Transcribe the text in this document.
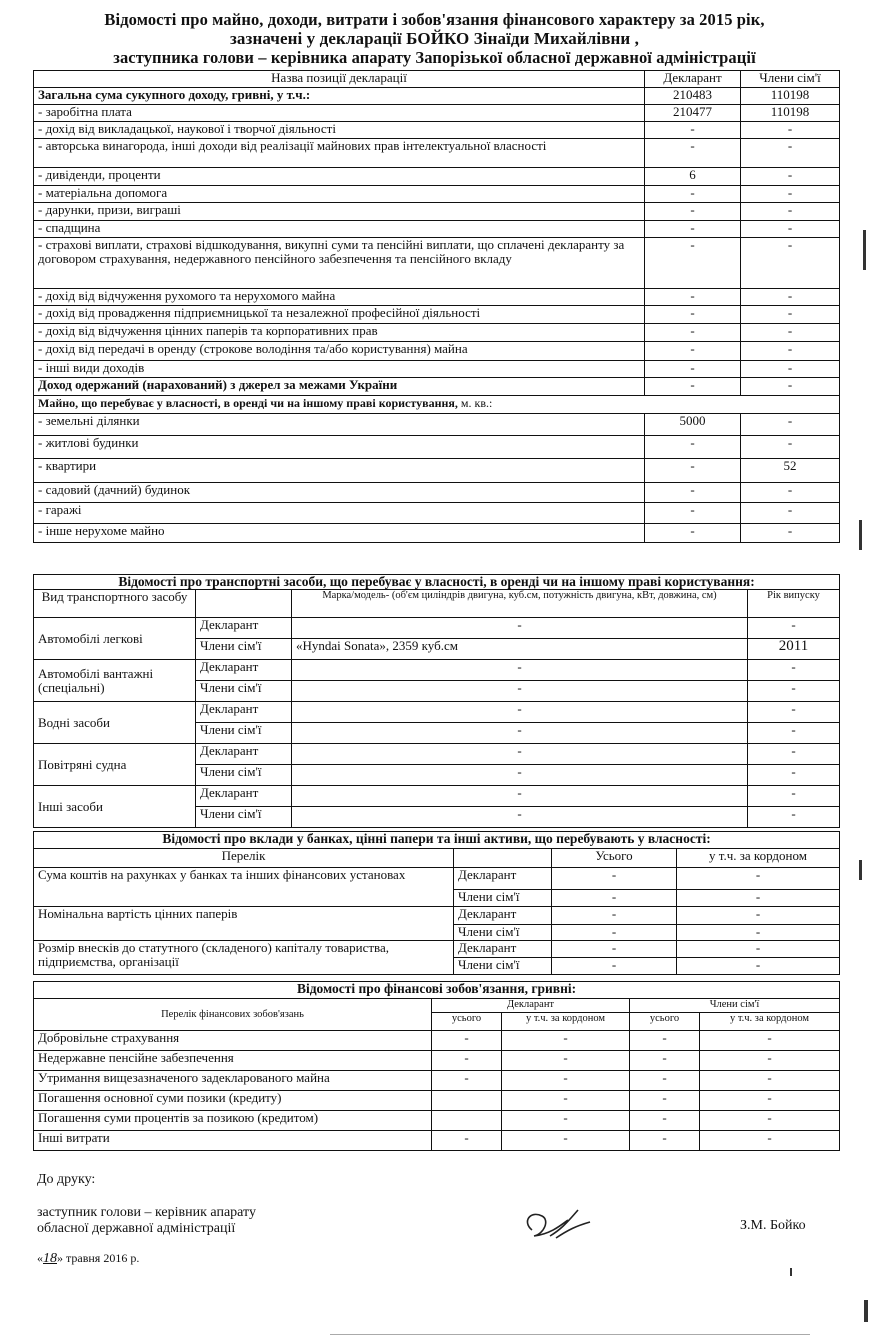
Відомості про майно, доходи, витрати і зобов'язання фінансового характеру за 2015 рік,
зазначені у декларації БОЙКО Зінаїди Михайлівни ,
заступника голови – керівника апарату Запорізької обласної державної адміністрації
Назва позиції декларації	Декларант	Члени сім'ї
Загальна сума сукупного доходу, гривні, у т.ч.:	210483	110198
- заробітна плата	210477	110198
- дохід від викладацької, наукової і творчої діяльності	-	-
- авторська винагорода, інші доходи від реалізації майнових прав інтелектуальної власності	-	-
- дивіденди, проценти	6	-
- матеріальна допомога	-	-
- дарунки, призи, виграші	-	-
- спадщина	-	-
- страхові виплати, страхові відшкодування, викупні суми та пенсійні виплати, що сплачені декларанту за договором страхування, недержавного пенсійного забезпечення та пенсійного вкладу	-	-
- дохід від відчуження рухомого та нерухомого майна	-	-
- дохід від провадження підприємницької та незалежної професійної діяльності	-	-
- дохід від відчуження цінних паперів та корпоративних прав	-	-
- дохід від передачі в оренду (строкове володіння та/або користування) майна	-	-
- інші види доходів	-	-
Доход одержаний (нарахований) з джерел за межами України	-	-
Майно, що перебуває у власності, в оренді чи на іншому праві користування, м. кв.:		
- земельні ділянки	5000	-
- житлові будинки	-	-
- квартири	-	52
- садовий (дачний) будинок	-	-
- гаражі	-	-
- інше нерухоме майно	-	-
Відомості про транспортні засоби, що перебуває у власності, в оренді чи на іншому праві користування:			
Вид транспортного засобу		Марка/модель- (об'єм циліндрів двигуна, куб.см, потужність двигуна, кВт, довжина, см)	Рік випуску
Автомобілі легкові	Декларант	-	-
	Члени сім'ї	«Hyndai Sonata», 2359 куб.см	2011
Автомобілі вантажні (спеціальні)	Декларант	-	-
	Члени сім'ї	-	-
Водні засоби	Декларант	-	-
	Члени сім'ї	-	-
Повітряні судна	Декларант	-	-
	Члени сім'ї	-	-
Інші засоби	Декларант	-	-
	Члени сім'ї	-	-
Відомості про вклади у банках, цінні папери та інші активи, що перебувають у власності:			
Перелік		Усього	у т.ч. за кордоном
Сума коштів на рахунках у банках та інших фінансових установах	Декларант	-	-
	Члени сім'ї	-	-
Номінальна вартість цінних паперів	Декларант	-	-
	Члени сім'ї	-	-
Розмір внесків до статутного (складеного) капіталу товариства, підприємства, організації	Декларант	-	-
	Члени сім'ї	-	-
Відомості про фінансові зобов'язання, гривні:				
Перелік фінансових зобов'язань	Декларант		Члени сім'ї	
	усього	у т.ч. за кордоном	усього	у т.ч. за кордоном
Добровільне страхування	-	-	-	-
Недержавне пенсійне забезпечення	-	-	-	-
Утримання вищезазначеного задекларованого майна	-	-	-	-
Погашення основної суми позики (кредиту)		-	-	-
Погашення суми процентів за позикою (кредитом)		-	-	-
Інші витрати	-	-	-	-
До друку:
заступник голови – керівник апарату
обласної державної адміністрації	З.М. Бойко
«18» травня 2016 р.
